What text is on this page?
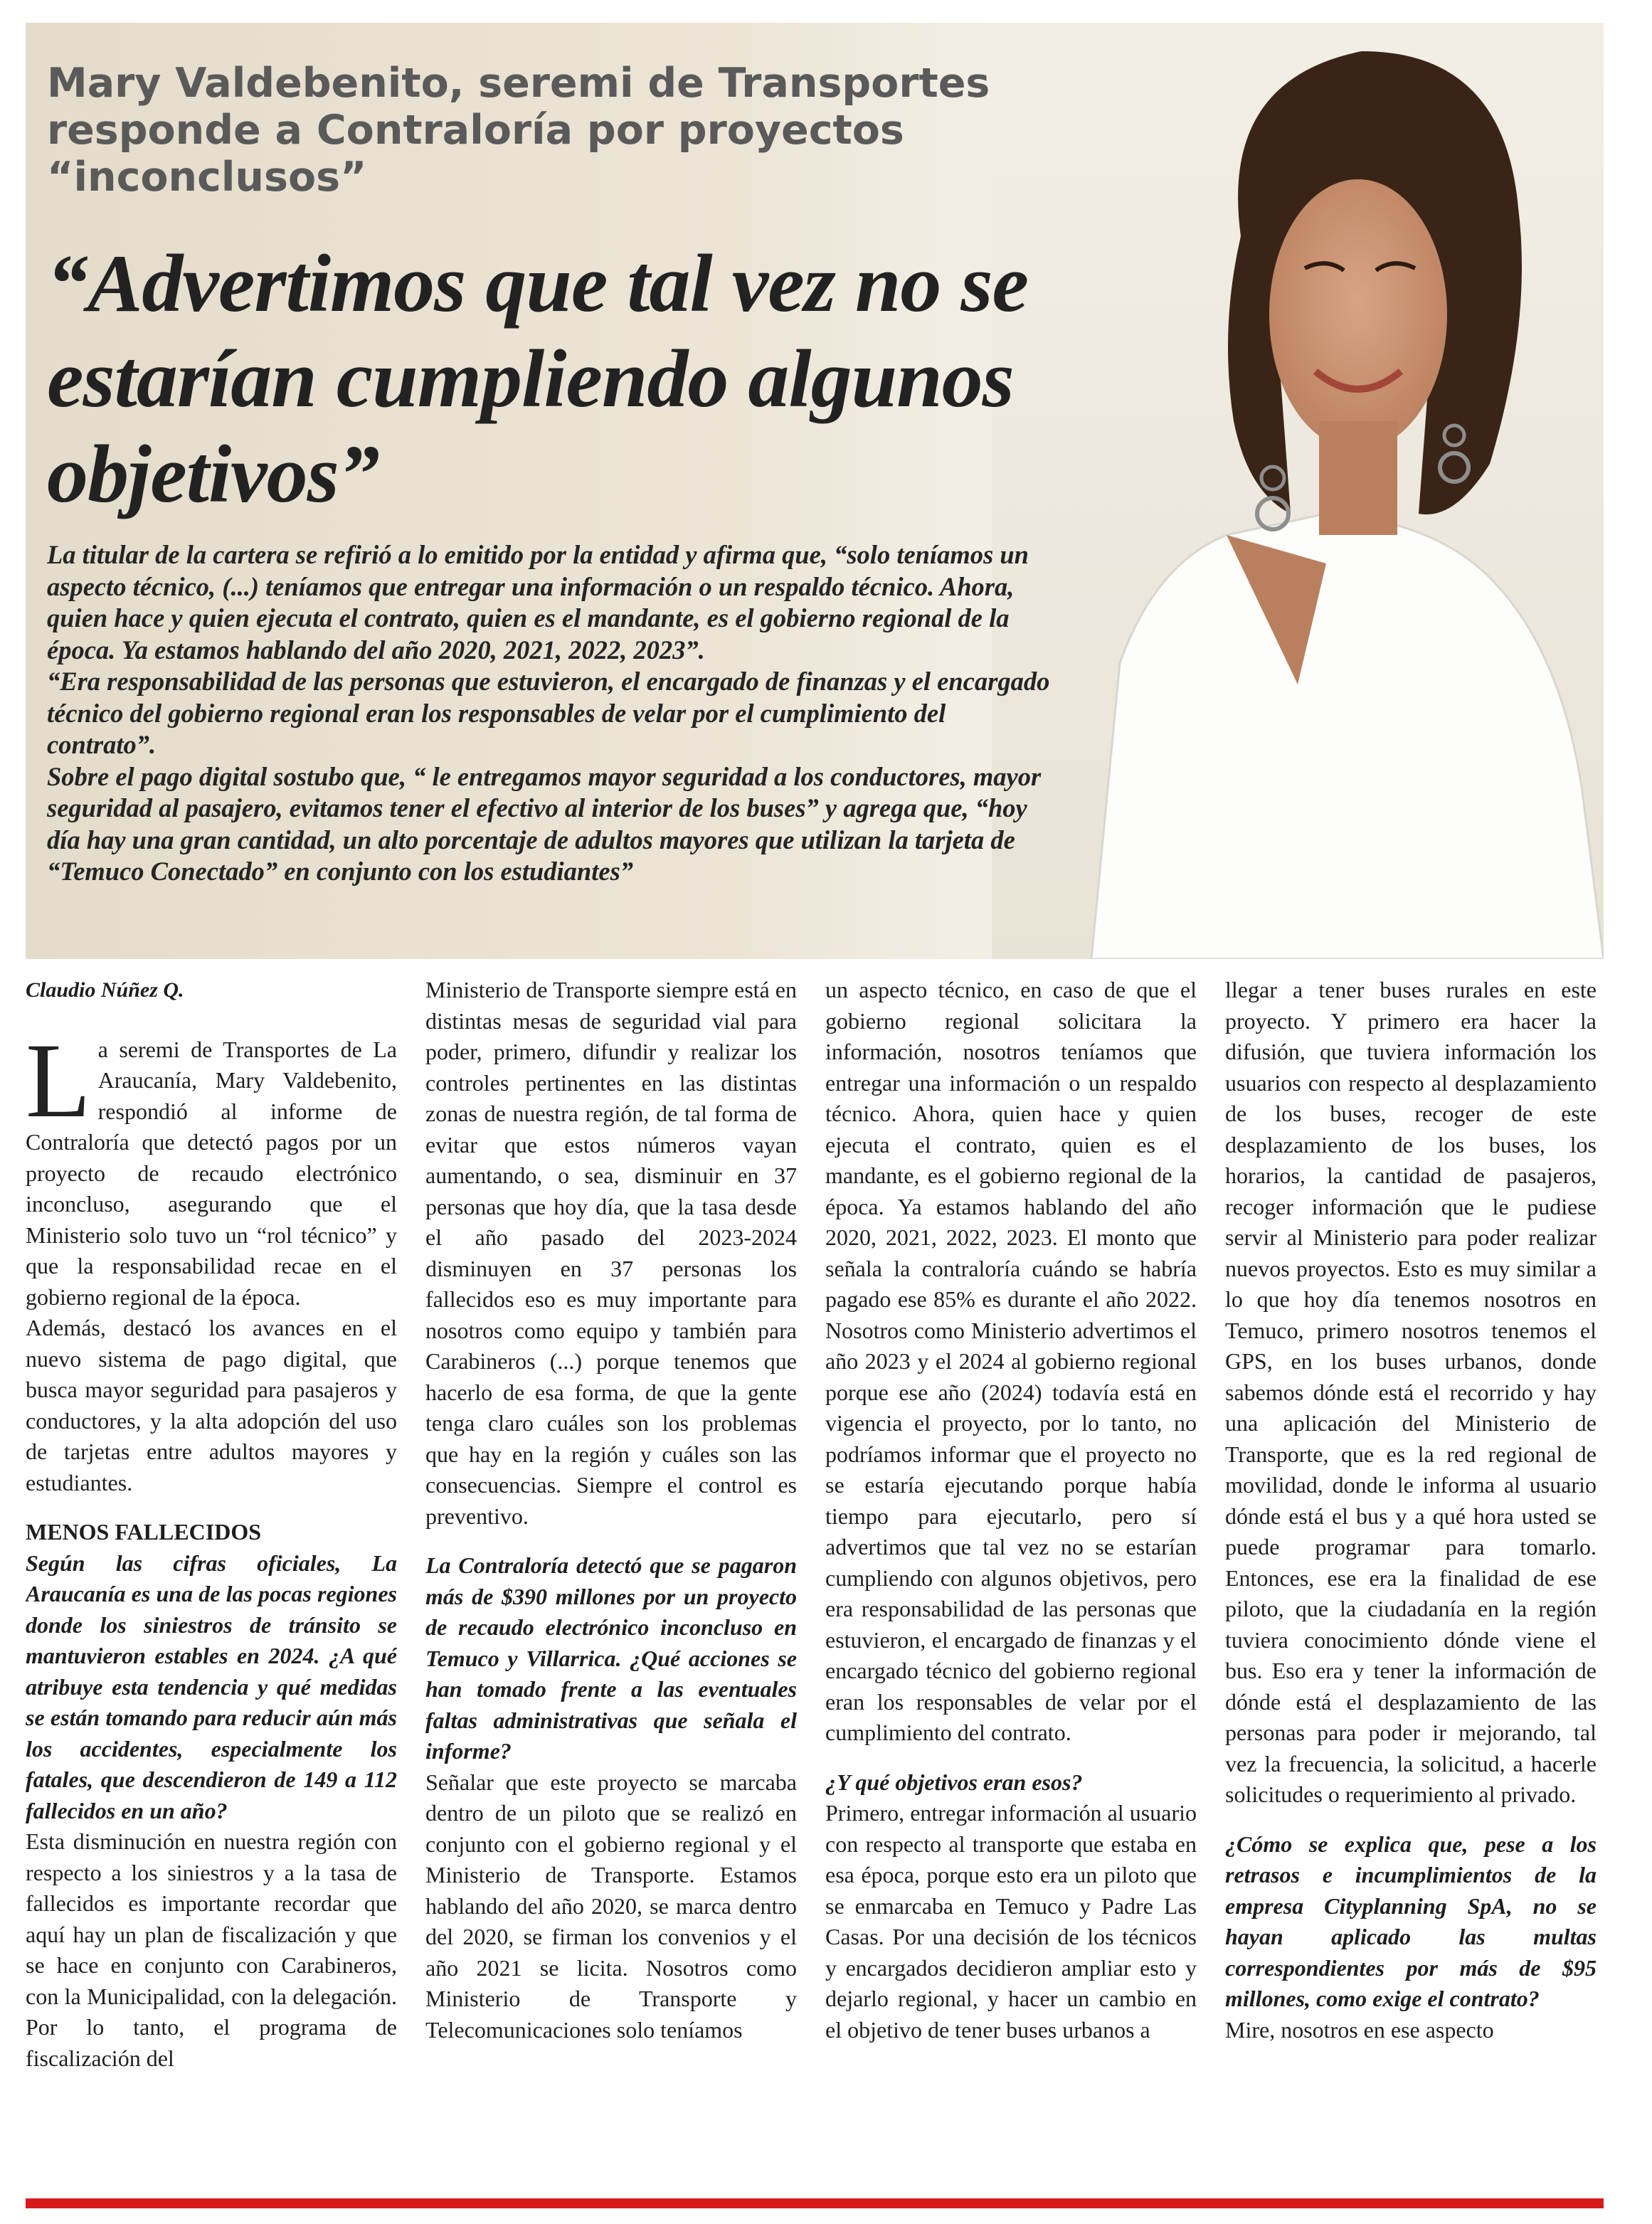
Mary Valdebenito, seremi de Transportes responde a Contraloría por proyectos “inconclusos”
“Advertimos que tal vez no se estarían cumpliendo algunos objetivos”

La titular de la cartera se refirió a lo emitido por la entidad y afirma que, “solo teníamos un aspecto técnico, (...) teníamos que entregar una información o un respaldo técnico. Ahora, quien hace y quien ejecuta el contrato, quien es el mandante, es el gobierno regional de la época. Ya estamos hablando del año 2020, 2021, 2022, 2023”.

“Era responsabilidad de las personas que estuvieron, el encargado de finanzas y el encargado técnico del gobierno regional eran los responsables de velar por el cumplimiento del contrato”.

Sobre el pago digital sostubo que, “ le entregamos mayor seguridad a los conductores, mayor seguridad al pasajero, evitamos tener el efectivo al interior de los buses” y agrega que, “hoy día hay una gran cantidad, un alto porcentaje de adultos mayores que utilizan la tarjeta de “Temuco Conectado” en conjunto con los estudiantes”

Claudio Núñez Q.

L a seremi de Transportes de La Araucanía, Mary Valdebenito, respondió al informe de Contraloría que detectó pagos por un proyecto de recaudo electrónico inconcluso, asegurando que el Ministerio solo tuvo un “rol técnico” y que la responsabilidad recae en el gobierno regional de la época.

Además, destacó los avances en el nuevo sistema de pago digital, que busca mayor seguridad para pasajeros y conductores, y la alta adopción del uso de tarjetas entre adultos mayores y estudiantes.

MENOS FALLECIDOS

Según las cifras oficiales, La Araucanía es una de las pocas regiones donde los siniestros de tránsito se mantuvieron estables en 2024. ¿A qué atribuye esta tendencia y qué medidas se están tomando para reducir aún más los accidentes, especialmente los fatales, que descendieron de 149 a 112 fallecidos en un año?

Esta disminución en nuestra región con respecto a los siniestros y a la tasa de fallecidos es importante recordar que aquí hay un plan de fiscalización y que se hace en conjunto con Carabineros, con la Municipalidad, con la delegación. Por lo tanto, el programa de fiscalización del

Ministerio de Transporte siempre está en distintas mesas de seguridad vial para poder, primero, difundir y realizar los controles pertinentes en las distintas zonas de nuestra región, de tal forma de evitar que estos números vayan aumentando, o sea, disminuir en 37 personas que hoy día, que la tasa desde el año pasado del 2023-2024 disminuyen en 37 personas los fallecidos eso es muy importante para nosotros como equipo y también para Carabineros (...) porque tenemos que hacerlo de esa forma, de que la gente tenga claro cuáles son los problemas que hay en la región y cuáles son las consecuencias. Siempre el control es preventivo.

La Contraloría detectó que se pagaron más de $390 millones por un proyecto de recaudo electrónico inconcluso en Temuco y Villarrica. ¿Qué acciones se han tomado frente a las eventuales faltas administrativas que señala el informe?

Señalar que este proyecto se marcaba dentro de un piloto que se realizó en conjunto con el gobierno regional y el Ministerio de Transporte. Estamos hablando del año 2020, se marca dentro del 2020, se firman los convenios y el año 2021 se licita. Nosotros como Ministerio de Transporte y Telecomunicaciones solo teníamos

un aspecto técnico, en caso de que el gobierno regional solicitara la información, nosotros teníamos que entregar una información o un respaldo técnico. Ahora, quien hace y quien ejecuta el contrato, quien es el mandante, es el gobierno regional de la época. Ya estamos hablando del año 2020, 2021, 2022, 2023. El monto que señala la contraloría cuándo se habría pagado ese 85% es durante el año 2022. Nosotros como Ministerio advertimos el año 2023 y el 2024 al gobierno regional porque ese año (2024) todavía está en vigencia el proyecto, por lo tanto, no podríamos informar que el proyecto no se estaría ejecutando porque había tiempo para ejecutarlo, pero sí advertimos que tal vez no se estarían cumpliendo con algunos objetivos, pero era responsabilidad de las personas que estuvieron, el encargado de finanzas y el encargado técnico del gobierno regional eran los responsables de velar por el cumplimiento del contrato.

¿Y qué objetivos eran esos?

Primero, entregar información al usuario con respecto al transporte que estaba en esa época, porque esto era un piloto que se enmarcaba en Temuco y Padre Las Casas. Por una decisión de los técnicos y encargados decidieron ampliar esto y dejarlo regional, y hacer un cambio en el objetivo de tener buses urbanos a

llegar a tener buses rurales en este proyecto. Y primero era hacer la difusión, que tuviera información los usuarios con respecto al desplazamiento de los buses, recoger de este desplazamiento de los buses, los horarios, la cantidad de pasajeros, recoger información que le pudiese servir al Ministerio para poder realizar nuevos proyectos. Esto es muy similar a lo que hoy día tenemos nosotros en Temuco, primero nosotros tenemos el GPS, en los buses urbanos, donde sabemos dónde está el recorrido y hay una aplicación del Ministerio de Transporte, que es la red regional de movilidad, donde le informa al usuario dónde está el bus y a qué hora usted se puede programar para tomarlo. Entonces, ese era la finalidad de ese piloto, que la ciudadanía en la región tuviera conocimiento dónde viene el bus. Eso era y tener la información de dónde está el desplazamiento de las personas para poder ir mejorando, tal vez la frecuencia, la solicitud, a hacerle solicitudes o requerimiento al privado.

¿Cómo se explica que, pese a los retrasos e incumplimientos de la empresa Cityplanning SpA, no se hayan aplicado las multas correspondientes por más de $95 millones, como exige el contrato?

Mire, nosotros en ese aspecto
